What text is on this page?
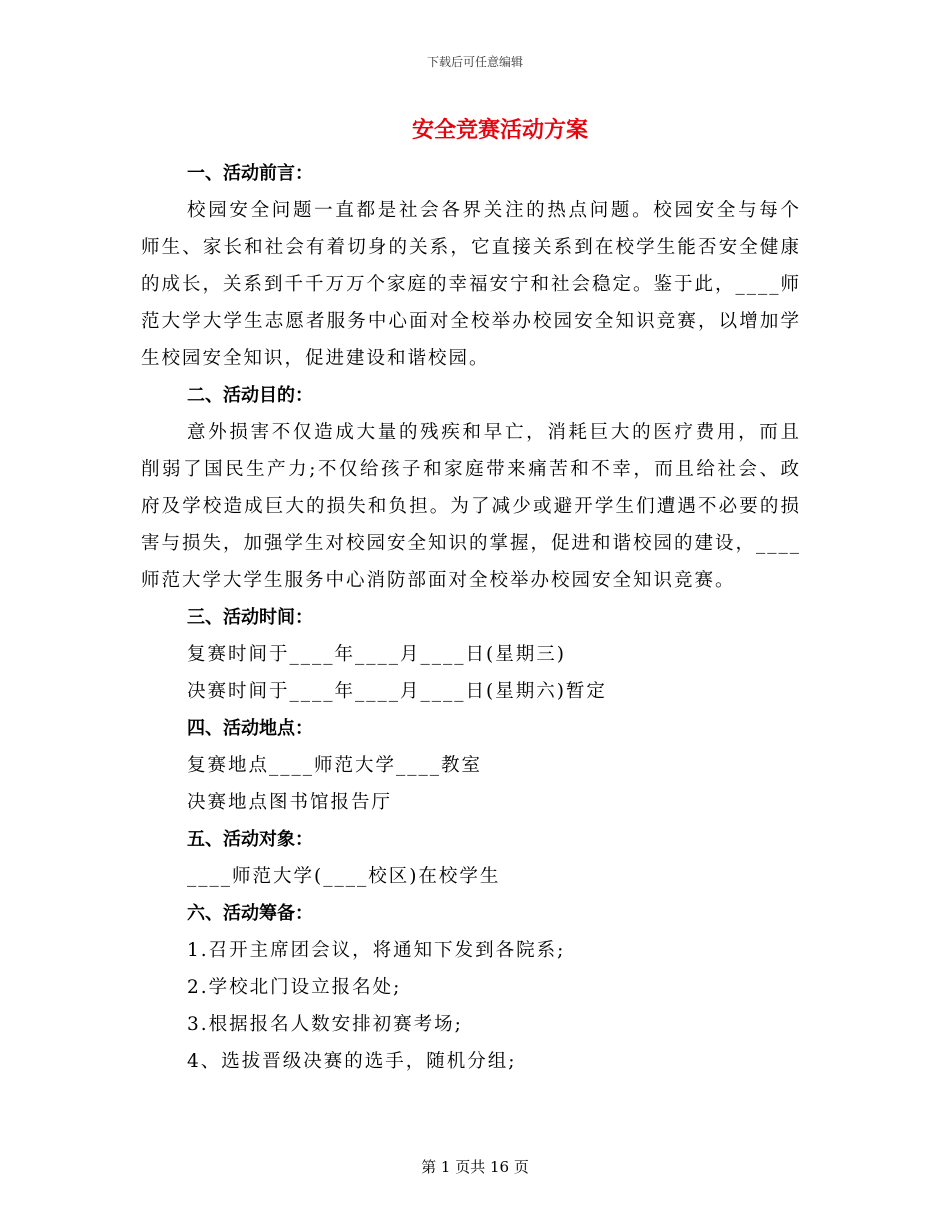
下载后可任意编辑
安全竞赛活动方案
一、活动前言：

校园安全问题一直都是社会各界关注的热点问题。校园安全与每个师生、家长和社会有着切身的关系，它直接关系到在校学生能否安全健康的成长，关系到千千万万个家庭的幸福安宁和社会稳定。鉴于此，____师范大学大学生志愿者服务中心面对全校举办校园安全知识竞赛，以增加学生校园安全知识，促进建设和谐校园。

二、活动目的：

意外损害不仅造成大量的残疾和早亡，消耗巨大的医疗费用，而且削弱了国民生产力;不仅给孩子和家庭带来痛苦和不幸，而且给社会、政府及学校造成巨大的损失和负担。为了减少或避开学生们遭遇不必要的损害与损失，加强学生对校园安全知识的掌握，促进和谐校园的建设，____师范大学大学生服务中心消防部面对全校举办校园安全知识竞赛。

三、活动时间：
复赛时间于____年____月____日(星期三)
决赛时间于____年____月____日(星期六)暂定
四、活动地点：
复赛地点____师范大学____教室
决赛地点图书馆报告厅
五、活动对象：
____师范大学(____校区)在校学生
六、活动筹备：
1.召开主席团会议，将通知下发到各院系;
2.学校北门设立报名处;
3.根据报名人数安排初赛考场;
4、选拔晋级决赛的选手，随机分组;
第 1 页共 16 页
